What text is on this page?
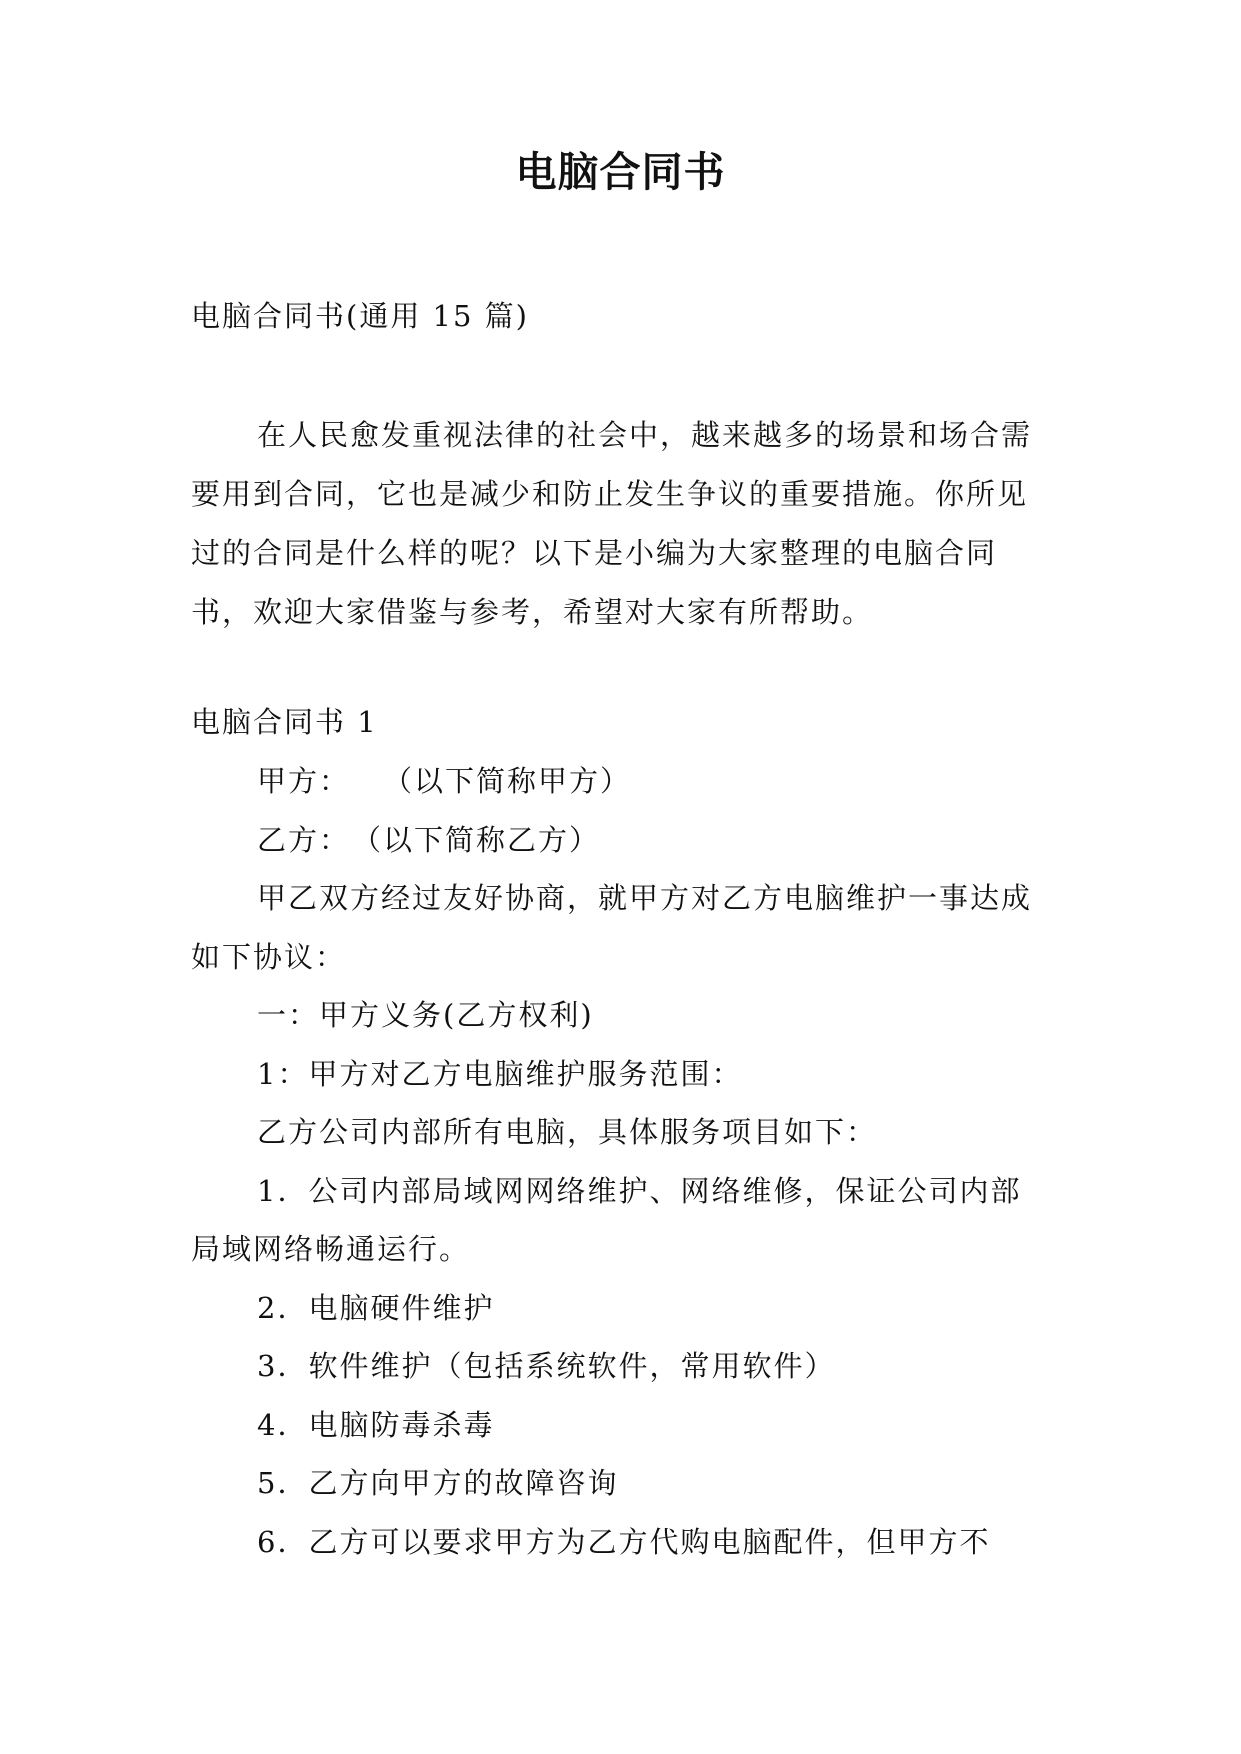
电脑合同书
电脑合同书(通用 15 篇)

在人民愈发重视法律的社会中，越来越多的场景和场合需要用到合同，它也是减少和防止发生争议的重要措施。你所见过的合同是什么样的呢？以下是小编为大家整理的电脑合同书，欢迎大家借鉴与参考，希望对大家有所帮助。

电脑合同书 1

甲方：　　（以下简称甲方）

乙方：　（以下简称乙方）

甲乙双方经过友好协商，就甲方对乙方电脑维护一事达成如下协议：

一：甲方义务(乙方权利)

1：甲方对乙方电脑维护服务范围：

乙方公司内部所有电脑，具体服务项目如下：

1．公司内部局域网网络维护、网络维修，保证公司内部局域网络畅通运行。

2．电脑硬件维护

3．软件维护（包括系统软件，常用软件）

4．电脑防毒杀毒

5．乙方向甲方的故障咨询

6．乙方可以要求甲方为乙方代购电脑配件，但甲方不
